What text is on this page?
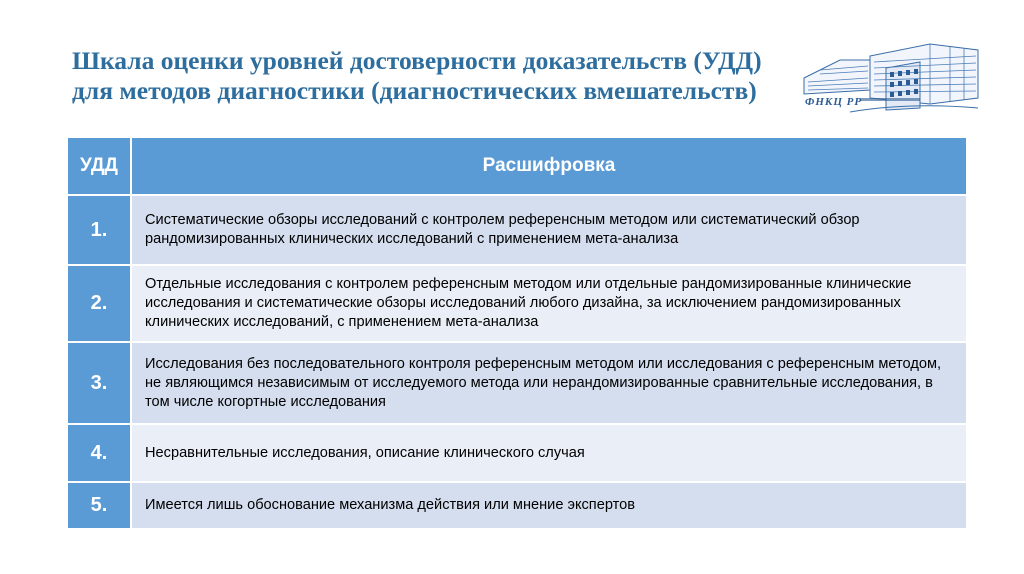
Шкала оценки уровней достоверности доказательств (УДД)
для методов диагностики (диагностических вмешательств)	ФНКЦ РР
УДД	Расшифровка
1.	Систематические обзоры исследований с контролем референсным методом или систематический обзор рандомизированных клинических исследований с применением мета-анализа
2.	Отдельные исследования с контролем референсным методом или отдельные рандомизированные клинические исследования и систематические обзоры исследований любого дизайна, за исключением рандомизированных клинических исследований, с применением мета-анализа
3.	Исследования без последовательного контроля референсным методом или исследования с референсным методом, не являющимся независимым от исследуемого метода или нерандомизированные сравнительные исследования, в том числе когортные исследования
4.	Несравнительные исследования, описание клинического случая
5.	Имеется лишь обоснование механизма действия или мнение экспертов
